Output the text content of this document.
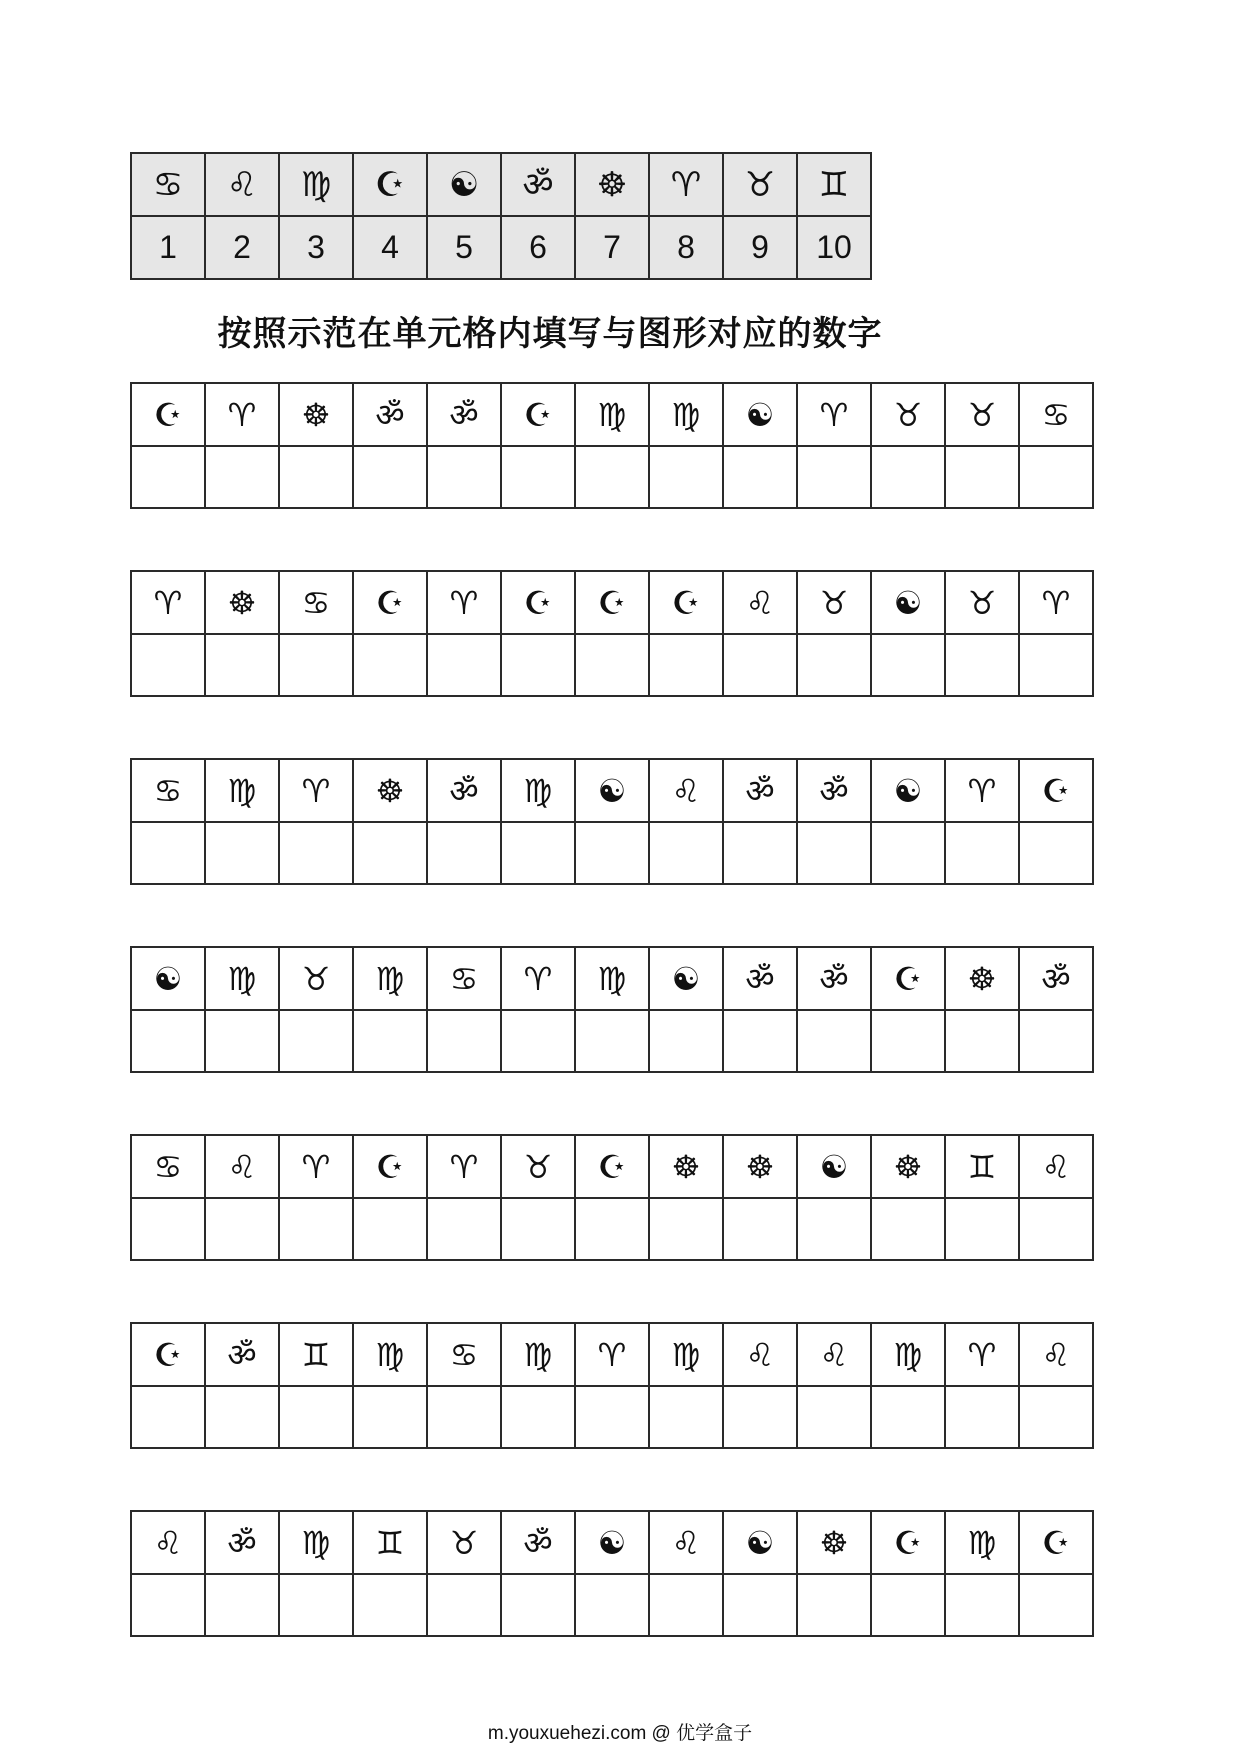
♋	♌	♍	☪	☯	ॐ	☸	♈	♉	♊
1	2	3	4	5	6	7	8	9	10
按照示范在单元格内填写与图形对应的数字
☪	♈	☸	ॐ	ॐ	☪	♍	♍	☯	♈	♉	♉	♋

♈	☸	♋	☪	♈	☪	☪	☪	♌	♉	☯	♉	♈

♋	♍	♈	☸	ॐ	♍	☯	♌	ॐ	ॐ	☯	♈	☪

☯	♍	♉	♍	♋	♈	♍	☯	ॐ	ॐ	☪	☸	ॐ

♋	♌	♈	☪	♈	♉	☪	☸	☸	☯	☸	♊	♌

☪	ॐ	♊	♍	♋	♍	♈	♍	♌	♌	♍	♈	♌

♌	ॐ	♍	♊	♉	ॐ	☯	♌	☯	☸	☪	♍	☪

m.youxuehezi.com @ 优学盒子
